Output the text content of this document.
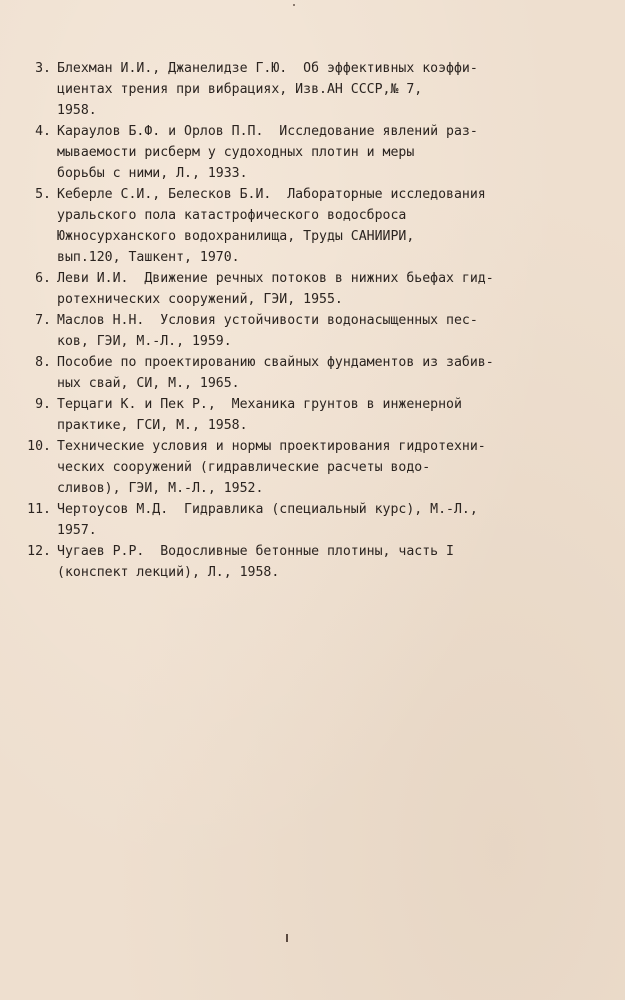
3. Блехман И.И., Джанелидзе Г.Ю.  Об эффективных коэффи-
циентах трения при вибрациях, Изв.АН СССР,№ 7,
1958.
4. Караулов Б.Ф. и Орлов П.П.  Исследование явлений раз-
мываемости рисберм у судоходных плотин и меры
борьбы с ними, Л., 1933.
5. Кеберле С.И., Белесков Б.И.  Лабораторные исследования
уральского пола катастрофического водосброса
Южносурханского водохранилища, Труды САНИИРИ,
вып.120, Ташкент, 1970.
6. Леви И.И.  Движение речных потоков в нижних бьефах гид-
ротехнических сооружений, ГЭИ, 1955.
7. Маслов Н.Н.  Условия устойчивости водонасыщенных пес-
ков, ГЭИ, М.-Л., 1959.
8. Пособие по проектированию свайных фундаментов из забив-
ных свай, СИ, М., 1965.
9. Терцаги К. и Пек Р.,  Механика грунтов в инженерной
практике, ГСИ, М., 1958.
10. Технические условия и нормы проектирования гидротехни-
ческих сооружений (гидравлические расчеты водо-
сливов), ГЭИ, М.-Л., 1952.
11. Чертоусов М.Д.  Гидравлика (специальный курс), М.-Л.,
1957.
12. Чугаев Р.Р.  Водосливные бетонные плотины, часть I
(конспект лекций), Л., 1958.
